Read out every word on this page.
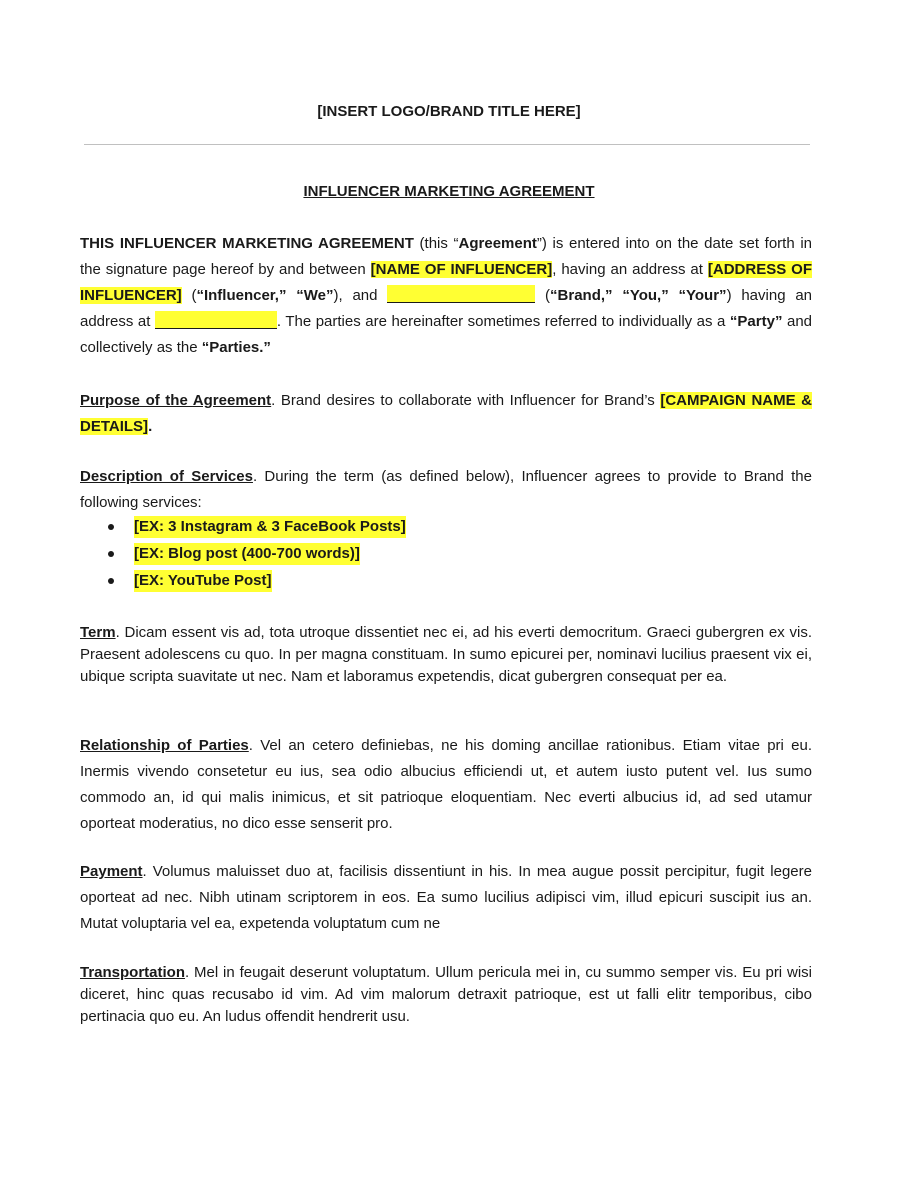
[INSERT LOGO/BRAND TITLE HERE]
INFLUENCER MARKETING AGREEMENT

THIS INFLUENCER MARKETING AGREEMENT (this “Agreement”) is entered into on the date set forth in the signature page hereof by and between [NAME OF INFLUENCER], having an address at [ADDRESS OF INFLUENCER] (“Influencer,” “We”), and	(“Brand,” “You,” “Your”) having an address at	. The parties are hereinafter sometimes referred to individually as a “Party” and collectively as the “Parties.”

Purpose of the Agreement. Brand desires to collaborate with Influencer for Brand’s [CAMPAIGN NAME & DETAILS].

Description of Services. During the term (as defined below), Influencer agrees to provide to Brand the following services:

[EX: 3 Instagram & 3 FaceBook Posts]
[EX: Blog post (400-700 words)]
[EX: YouTube Post]

Term. Dicam essent vis ad, tota utroque dissentiet nec ei, ad his everti democritum. Graeci gubergren ex vis. Praesent adolescens cu quo. In per magna constituam. In sumo epicurei per, nominavi lucilius praesent vix ei, ubique scripta suavitate ut nec. Nam et laboramus expetendis, dicat gubergren consequat per ea.

Relationship of Parties. Vel an cetero definiebas, ne his doming ancillae rationibus. Etiam vitae pri eu. Inermis vivendo consetetur eu ius, sea odio albucius efficiendi ut, et autem iusto putent vel. Ius sumo commodo an, id qui malis inimicus, et sit patrioque eloquentiam. Nec everti albucius id, ad sed utamur oporteat moderatius, no dico esse senserit pro.

Payment. Volumus maluisset duo at, facilisis dissentiunt in his. In mea augue possit percipitur, fugit legere oporteat ad nec. Nibh utinam scriptorem in eos. Ea sumo lucilius adipisci vim, illud epicuri suscipit ius an. Mutat voluptaria vel ea, expetenda voluptatum cum ne

Transportation. Mel in feugait deserunt voluptatum. Ullum pericula mei in, cu summo semper vis. Eu pri wisi diceret, hinc quas recusabo id vim. Ad vim malorum detraxit patrioque, est ut falli elitr temporibus, cibo pertinacia quo eu. An ludus offendit hendrerit usu.
